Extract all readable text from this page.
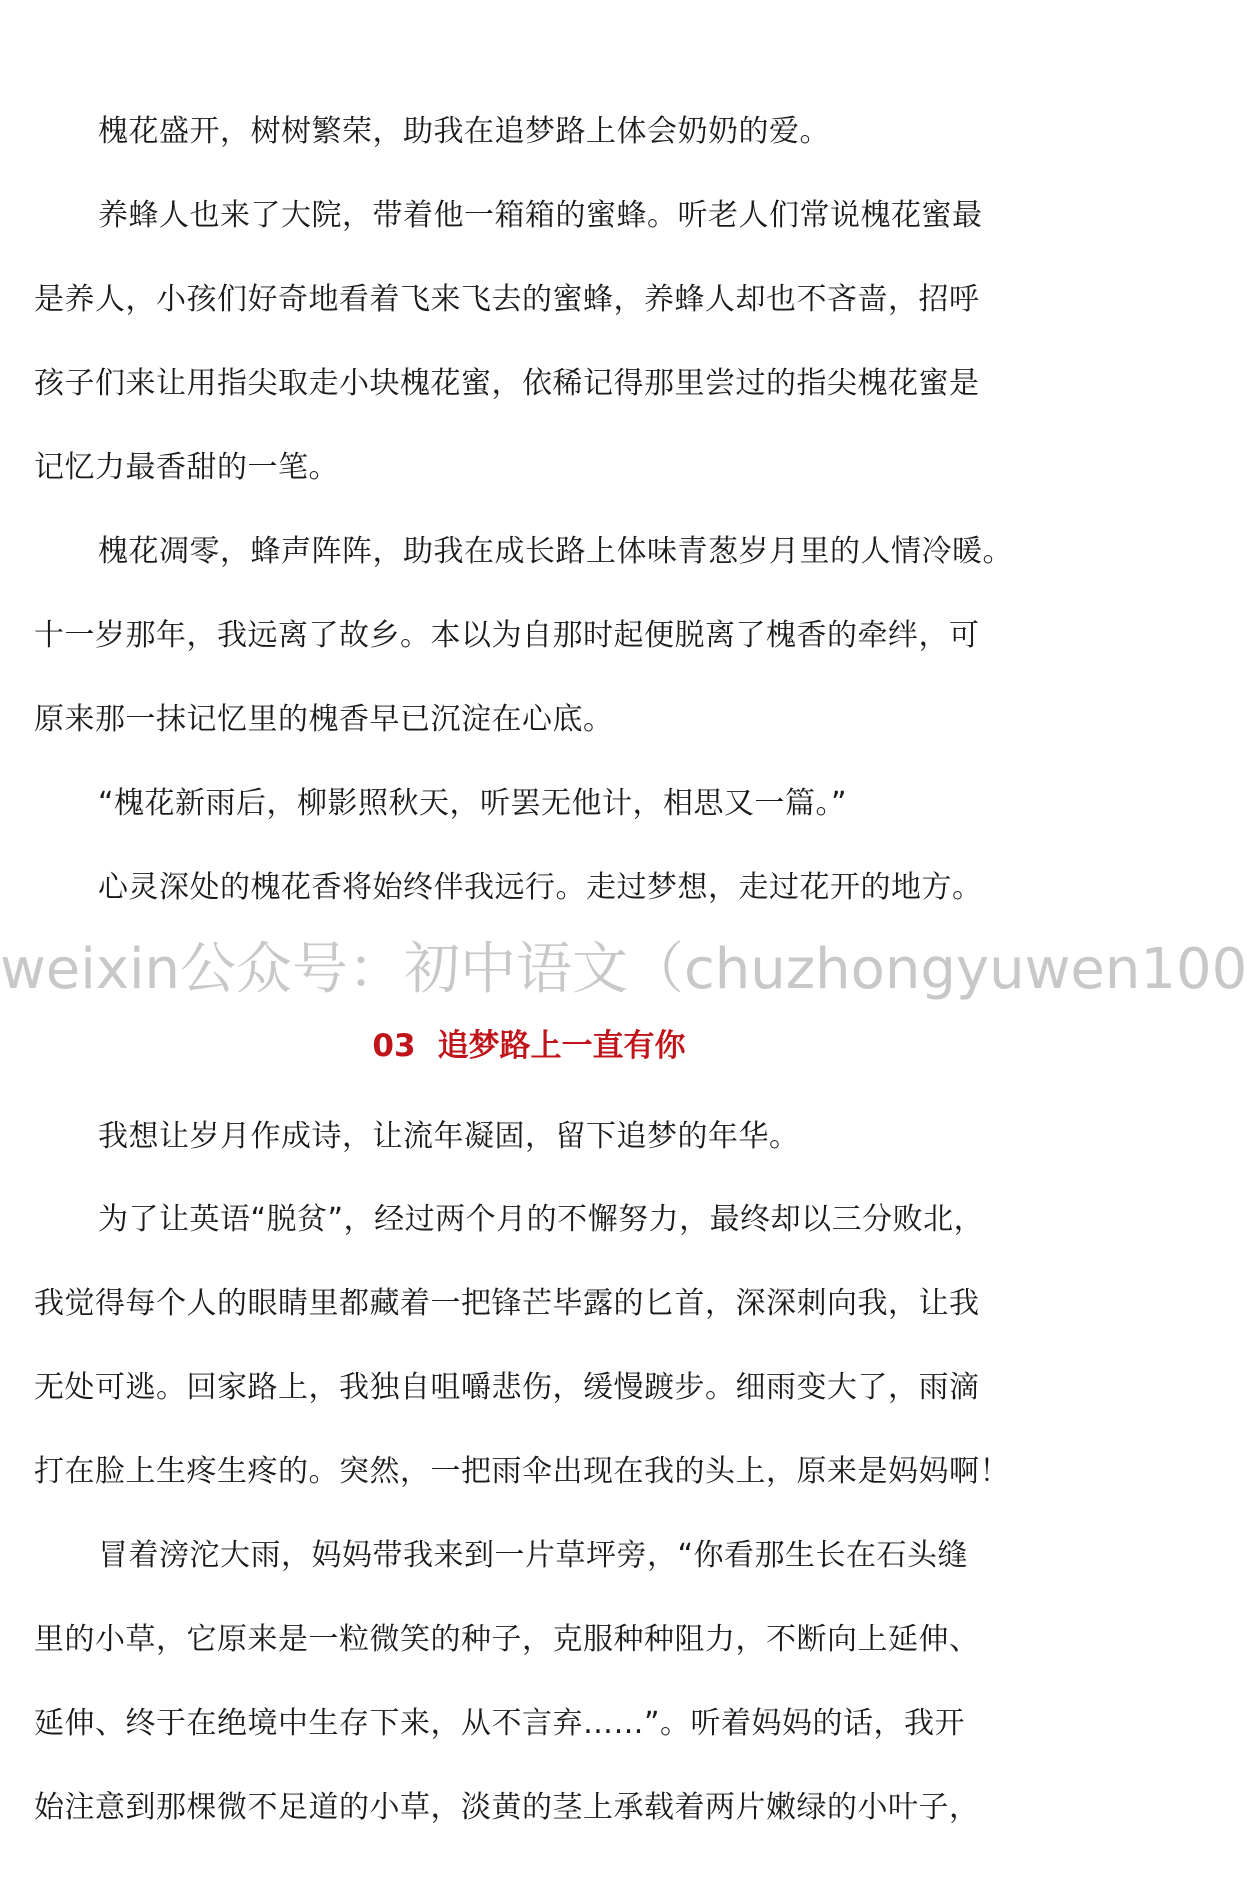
槐花盛开，树树繁荣，助我在追梦路上体会奶奶的爱。
养蜂人也来了大院，带着他一箱箱的蜜蜂。听老人们常说槐花蜜最
是养人，小孩们好奇地看着飞来飞去的蜜蜂，养蜂人却也不吝啬，招呼
孩子们来让用指尖取走小块槐花蜜，依稀记得那里尝过的指尖槐花蜜是
记忆力最香甜的一笔。
槐花凋零，蜂声阵阵，助我在成长路上体味青葱岁月里的人情冷暖。
十一岁那年，我远离了故乡。本以为自那时起便脱离了槐香的牵绊，可
原来那一抹记忆里的槐香早已沉淀在心底。
“槐花新雨后，柳影照秋天，听罢无他计，相思又一篇。”
心灵深处的槐花香将始终伴我远行。走过梦想，走过花开的地方。
weixin公众号：初中语文（chuzhongyuwen100
03 追梦路上一直有你
我想让岁月作成诗，让流年凝固，留下追梦的年华。
为了让英语“脱贫”，经过两个月的不懈努力，最终却以三分败北，
我觉得每个人的眼睛里都藏着一把锋芒毕露的匕首，深深刺向我，让我
无处可逃。回家路上，我独自咀嚼悲伤，缓慢踱步。细雨变大了，雨滴
打在脸上生疼生疼的。突然，一把雨伞出现在我的头上，原来是妈妈啊！
冒着滂沱大雨，妈妈带我来到一片草坪旁，“你看那生长在石头缝
里的小草，它原来是一粒微笑的种子，克服种种阻力，不断向上延伸、
延伸、终于在绝境中生存下来，从不言弃……”。听着妈妈的话，我开
始注意到那棵微不足道的小草，淡黄的茎上承载着两片嫩绿的小叶子，
